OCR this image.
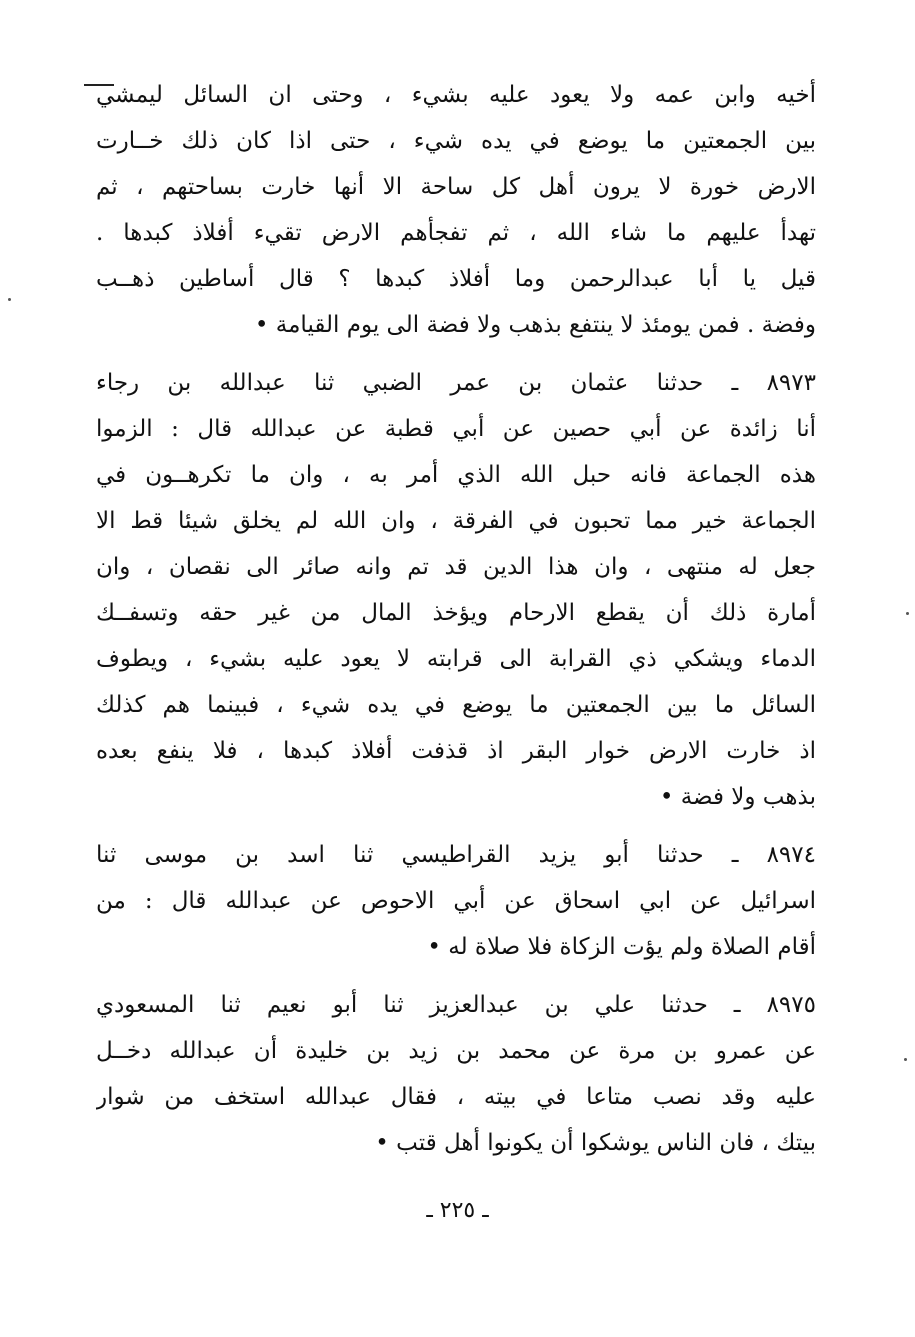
أخيه وابن عمه ولا يعود عليه بشيء ، وحتى ان السائل ليمشي
بين الجمعتين ما يوضع في يده شيء ، حتى اذا كان ذلك خــارت
الارض خورة لا يرون أهل كل ساحة الا أنها خارت بساحتهم ، ثم
تهدأ عليهم ما شاء الله ، ثم تفجأهم الارض تقيء أفلاذ كبدها .
قيل يا أبا عبدالرحمن وما أفلاذ كبدها ؟ قال أساطين ذهــب
وفضة . فمن يومئذ لا ينتفع بذهب ولا فضة الى يوم القيامة •
٨٩٧٣ ـ حدثنا عثمان بن عمر الضبي ثنا عبدالله بن رجاء
أنا زائدة عن أبي حصين عن أبي قطبة عن عبدالله قال : الزموا
هذه الجماعة فانه حبل الله الذي أمر به ، وان ما تكرهــون في
الجماعة خير مما تحبون في الفرقة ، وان الله لم يخلق شيئا قط الا
جعل له منتهى ، وان هذا الدين قد تم وانه صائر الى نقصان ، وان
أمارة ذلك أن يقطع الارحام ويؤخذ المال من غير حقه وتسفــك
الدماء ويشكي ذي القرابة الى قرابته لا يعود عليه بشيء ، ويطوف
السائل ما بين الجمعتين ما يوضع في يده شيء ، فبينما هم كذلك
اذ خارت الارض خوار البقر اذ قذفت أفلاذ كبدها ، فلا ينفع بعده
بذهب ولا فضة •
٨٩٧٤ ـ حدثنا أبو يزيد القراطيسي ثنا اسد بن موسى ثنا
اسرائيل عن ابي اسحاق عن أبي الاحوص عن عبدالله قال : من
أقام الصلاة ولم يؤت الزكاة فلا صلاة له •
٨٩٧٥ ـ حدثنا علي بن عبدالعزيز ثنا أبو نعيم ثنا المسعودي
عن عمرو بن مرة عن محمد بن زيد بن خليدة أن عبدالله دخــل
عليه وقد نصب متاعا في بيته ، فقال عبدالله استخف من شوار
بيتك ، فان الناس يوشكوا أن يكونوا أهل قتب •
ـ ٢٢٥ ـ
